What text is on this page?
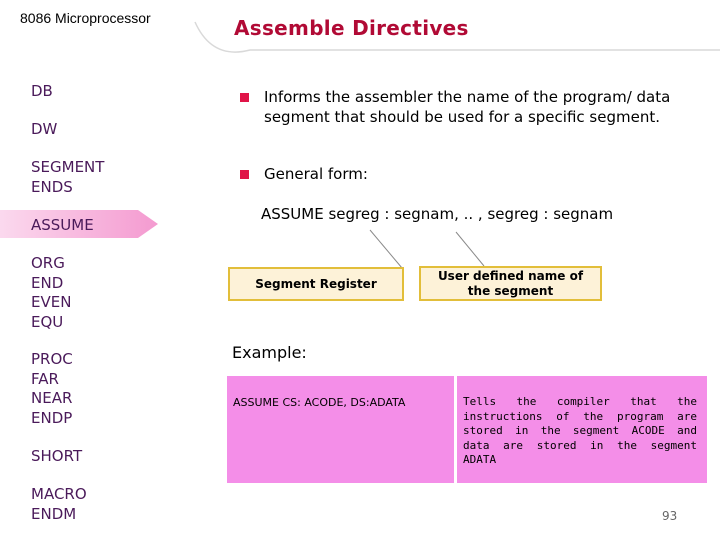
8086 Microprocessor	Assemble Directives
DB
DW
SEGMENT
ENDS
ASSUME
ORG
END
EVEN
EQU
PROC
FAR
NEAR
ENDP
SHORT
MACRO
ENDM
Informs the assembler the name of the program/ data segment that should be used for a specific segment.
General form:
ASSUME segreg : segnam, .. , segreg : segnam
Segment Register
User defined name of the segment
Example:
ASSUME CS: ACODE, DS:ADATA	Tells the compiler that the instructions of the program are stored in the segment ACODE and data are stored in the segment ADATA
93
